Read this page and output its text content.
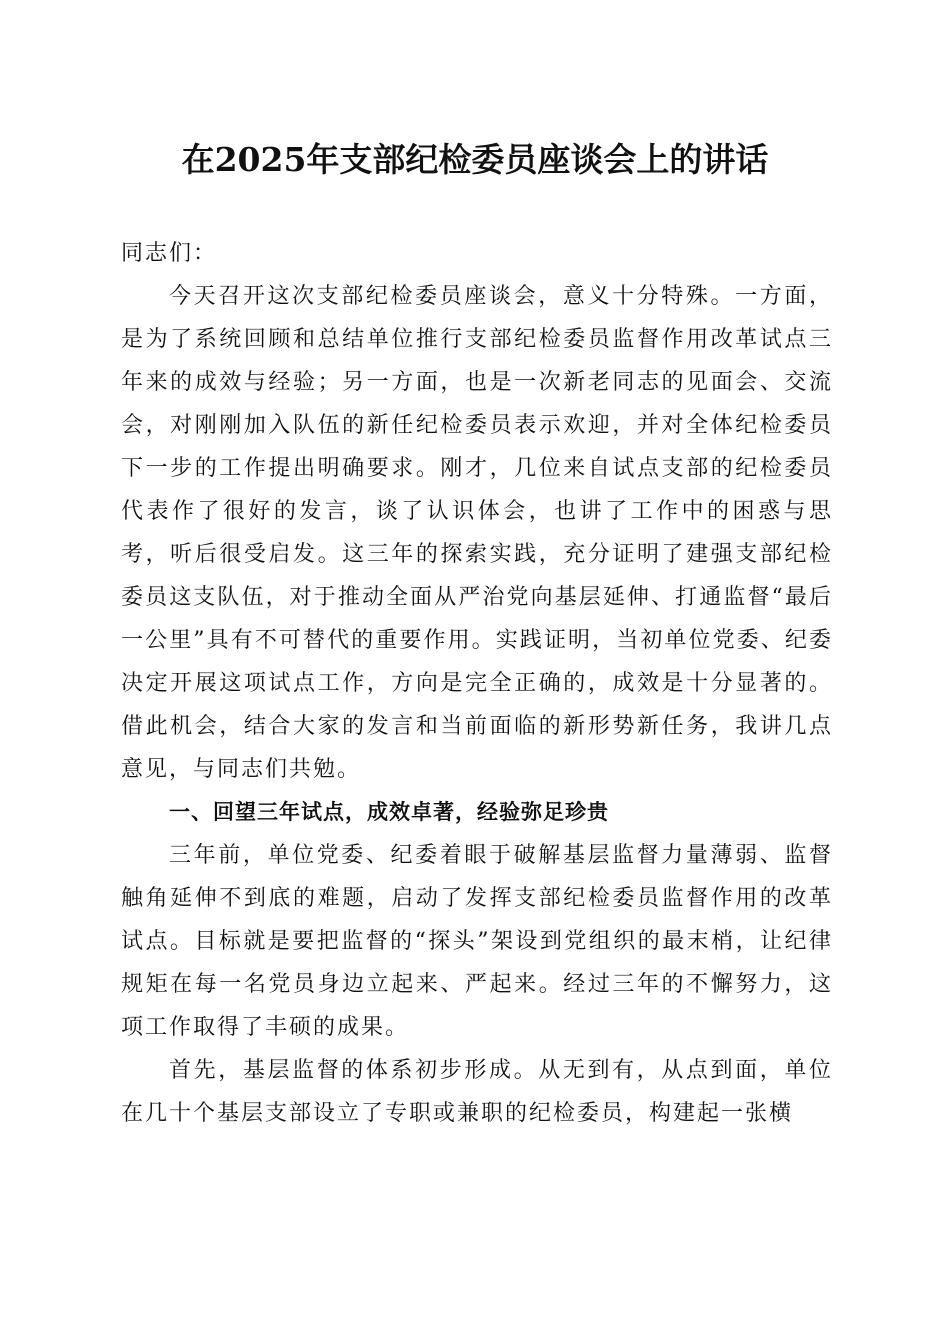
在2025年支部纪检委员座谈会上的讲话

同志们：

今天召开这次支部纪检委员座谈会，意义十分特殊。一方面，是为了系统回顾和总结单位推行支部纪检委员监督作用改革试点三年来的成效与经验；另一方面，也是一次新老同志的见面会、交流会，对刚刚加入队伍的新任纪检委员表示欢迎，并对全体纪检委员下一步的工作提出明确要求。刚才，几位来自试点支部的纪检委员代表作了很好的发言，谈了认识体会，也讲了工作中的困惑与思考，听后很受启发。这三年的探索实践，充分证明了建强支部纪检委员这支队伍，对于推动全面从严治党向基层延伸、打通监督“最后一公里”具有不可替代的重要作用。实践证明，当初单位党委、纪委决定开展这项试点工作，方向是完全正确的，成效是十分显著的。借此机会，结合大家的发言和当前面临的新形势新任务，我讲几点意见，与同志们共勉。

一、回望三年试点，成效卓著，经验弥足珍贵

三年前，单位党委、纪委着眼于破解基层监督力量薄弱、监督触角延伸不到底的难题，启动了发挥支部纪检委员监督作用的改革试点。目标就是要把监督的“探头”架设到党组织的最末梢，让纪律规矩在每一名党员身边立起来、严起来。经过三年的不懈努力，这项工作取得了丰硕的成果。

首先，基层监督的体系初步形成。从无到有，从点到面，单位在几十个基层支部设立了专职或兼职的纪检委员，构建起一张横
